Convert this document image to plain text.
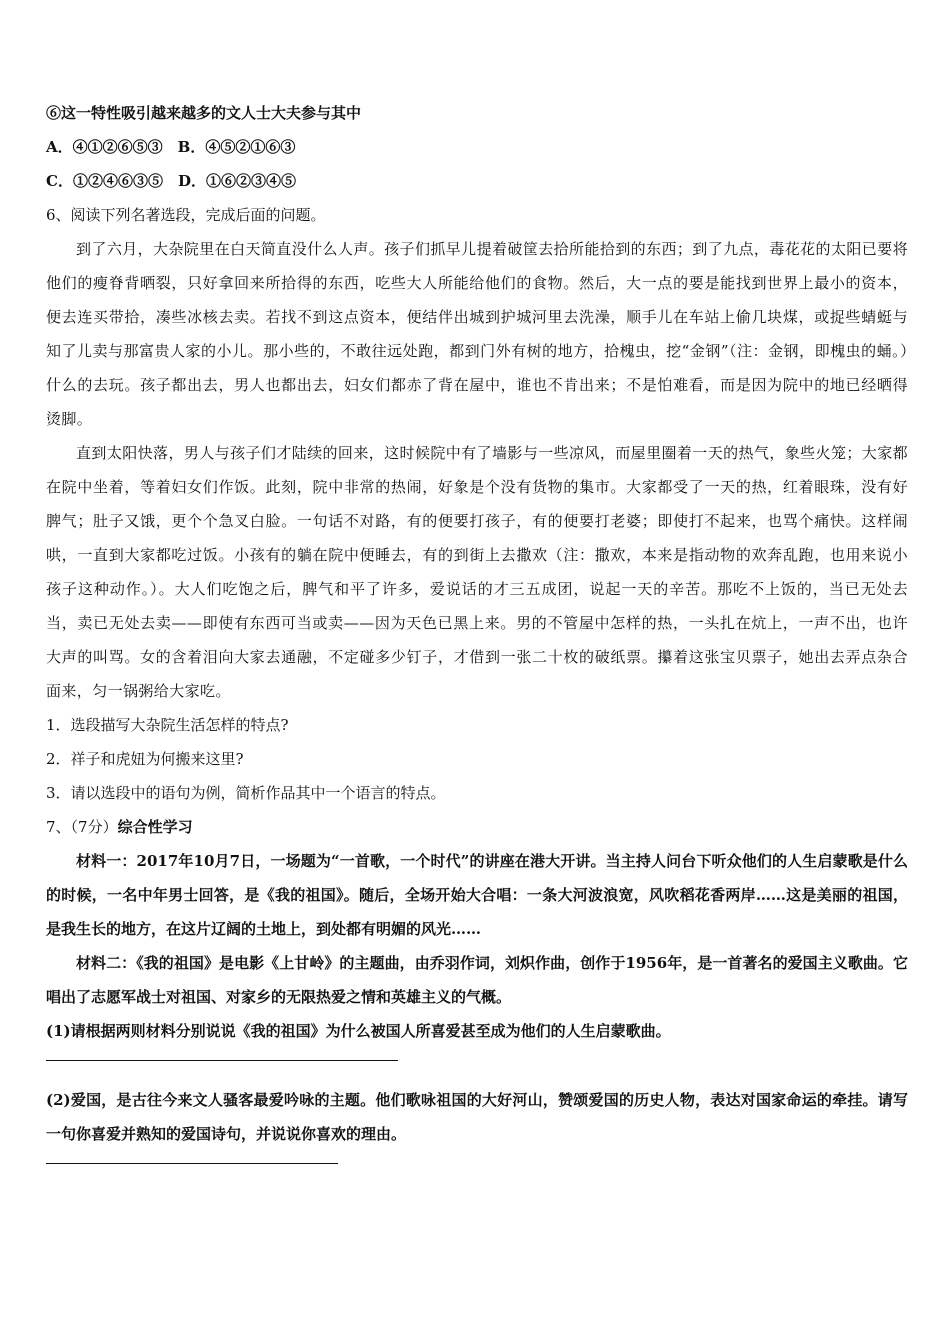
⑥这一特性吸引越来越多的文人士大夫参与其中
A．④①②⑥⑤③　B．④⑤②①⑥③
C．①②④⑥③⑤　D．①⑥②③④⑤
6、阅读下列名著选段，完成后面的问题。

到了六月，大杂院里在白天简直没什么人声。孩子们抓早儿提着破筐去拾所能拾到的东西；到了九点，毒花花的太阳已要将他们的瘦脊背晒裂，只好拿回来所拾得的东西，吃些大人所能给他们的食物。然后，大一点的要是能找到世界上最小的资本，便去连买带拾，凑些冰核去卖。若找不到这点资本，便结伴出城到护城河里去洗澡，顺手儿在车站上偷几块煤，或捉些蜻蜓与知了儿卖与那富贵人家的小儿。那小些的，不敢往远处跑，都到门外有树的地方，拾槐虫，挖“金钢”（注：金钢，即槐虫的蛹。）什么的去玩。孩子都出去，男人也都出去，妇女们都赤了背在屋中，谁也不肯出来；不是怕难看，而是因为院中的地已经晒得烫脚。

直到太阳快落，男人与孩子们才陆续的回来，这时候院中有了墙影与一些凉风，而屋里圈着一天的热气，象些火笼；大家都在院中坐着，等着妇女们作饭。此刻，院中非常的热闹，好象是个没有货物的集市。大家都受了一天的热，红着眼珠，没有好脾气；肚子又饿，更个个急叉白脸。一句话不对路，有的便要打孩子，有的便要打老婆；即使打不起来，也骂个痛快。这样闹哄，一直到大家都吃过饭。小孩有的躺在院中便睡去，有的到街上去撒欢（注：撒欢，本来是指动物的欢奔乱跑，也用来说小孩子这种动作。）。大人们吃饱之后，脾气和平了许多，爱说话的才三五成团，说起一天的辛苦。那吃不上饭的，当已无处去当，卖已无处去卖——即使有东西可当或卖——因为天色已黑上来。男的不管屋中怎样的热，一头扎在炕上，一声不出，也许大声的叫骂。女的含着泪向大家去通融，不定碰多少钉子，才借到一张二十枚的破纸票。攥着这张宝贝票子，她出去弄点杂合面来，匀一锅粥给大家吃。

1．选段描写大杂院生活怎样的特点?
2．祥子和虎妞为何搬来这里?
3．请以选段中的语句为例，简析作品其中一个语言的特点。
7、（7分）综合性学习

材料一：2017年10月7日，一场题为“一首歌，一个时代”的讲座在港大开讲。当主持人问台下听众他们的人生启蒙歌是什么的时候，一名中年男士回答，是《我的祖国》。随后，全场开始大合唱：一条大河波浪宽，风吹稻花香两岸……这是美丽的祖国，是我生长的地方，在这片辽阔的土地上，到处都有明媚的风光……

材料二：《我的祖国》是电影《上甘岭》的主题曲，由乔羽作词，刘炽作曲，创作于1956年，是一首著名的爱国主义歌曲。它唱出了志愿军战士对祖国、对家乡的无限热爱之情和英雄主义的气概。

(1)请根据两则材料分别说说《我的祖国》为什么被国人所喜爱甚至成为他们的人生启蒙歌曲。

(2)爱国，是古往今来文人骚客最爱吟咏的主题。他们歌咏祖国的大好河山，赞颂爱国的历史人物，表达对国家命运的牵挂。请写一句你喜爱并熟知的爱国诗句，并说说你喜欢的理由。
